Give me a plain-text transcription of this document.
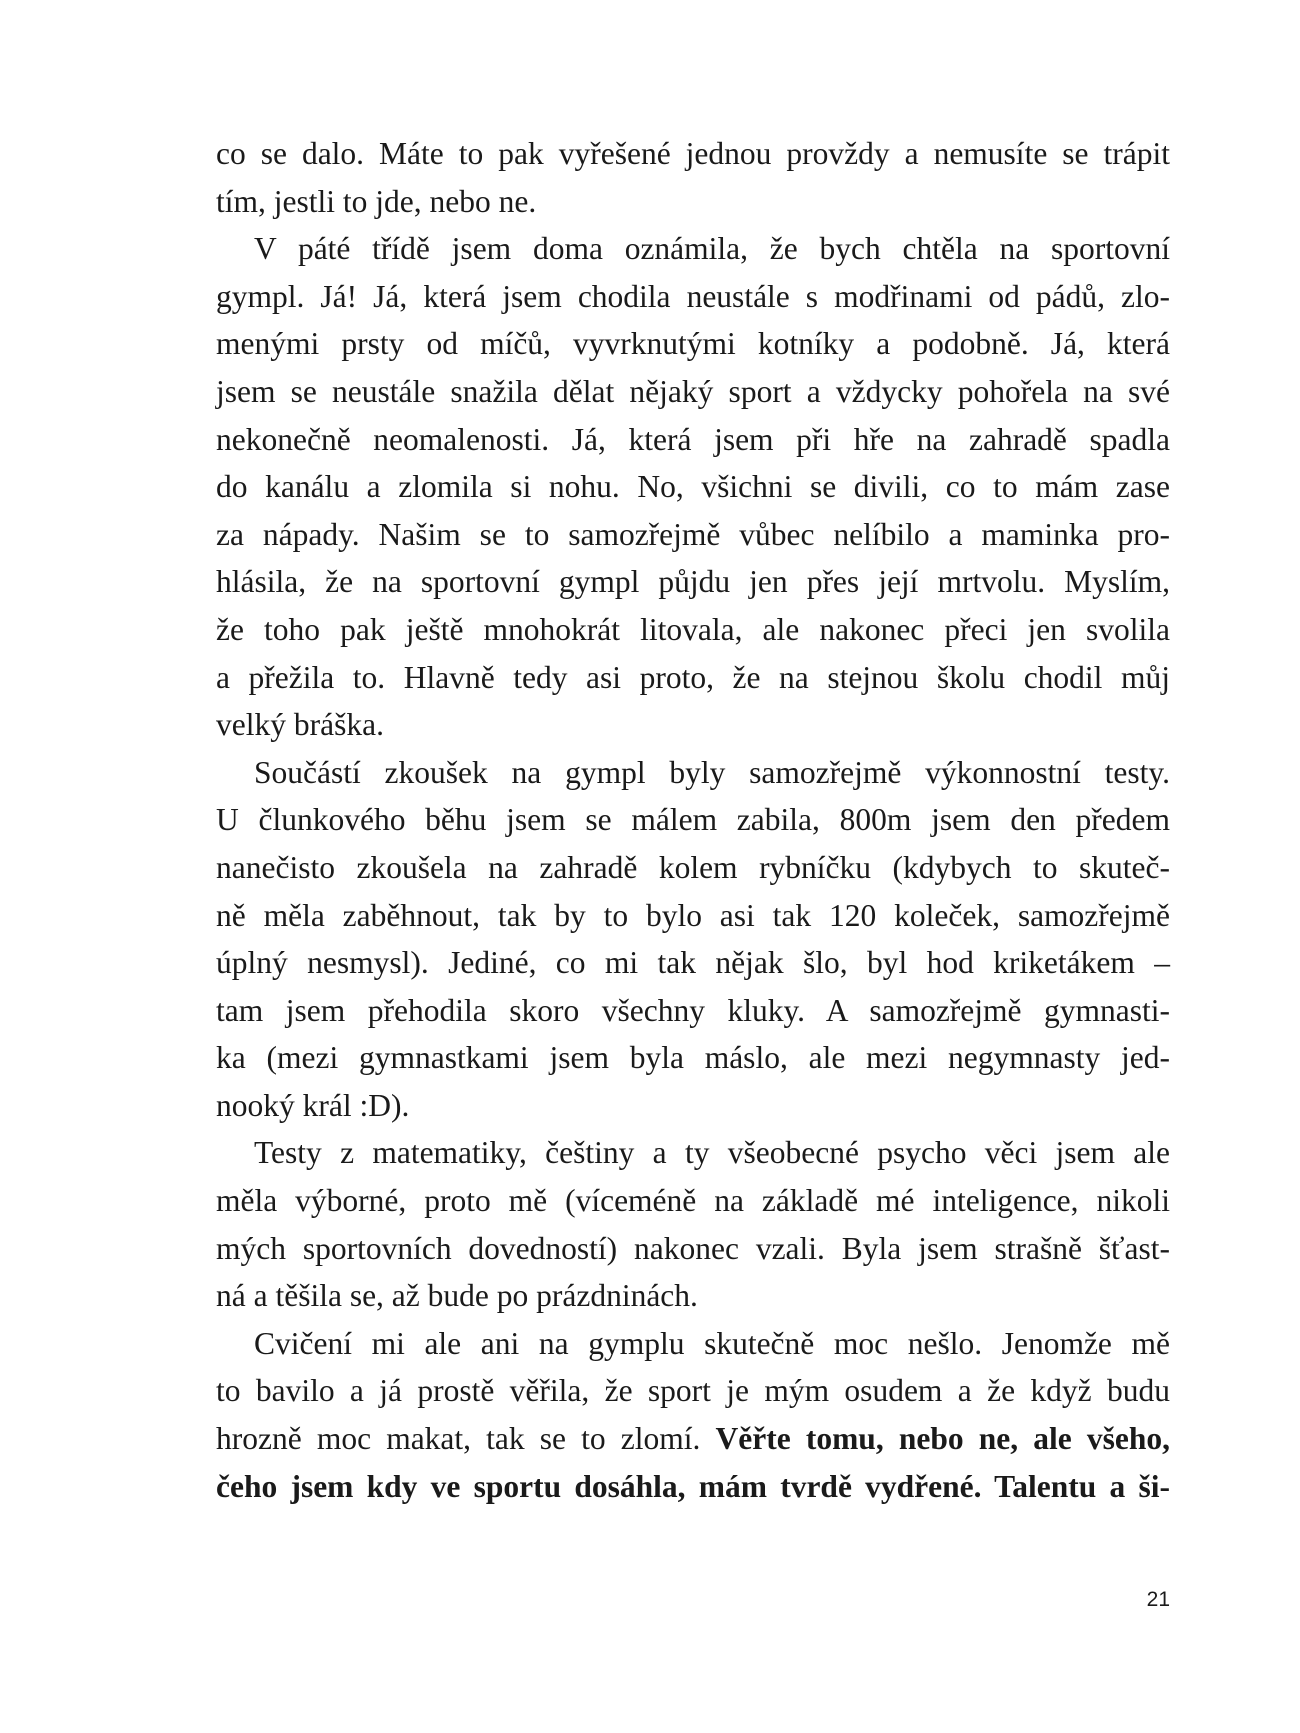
co se dalo. Máte to pak vyřešené jednou provždy a nemusíte se trápit
tím, jestli to jde, nebo ne.
V páté třídě jsem doma oznámila, že bych chtěla na sportovní
gympl. Já! Já, která jsem chodila neustále s modřinami od pádů, zlo-
menými prsty od míčů, vyvrknutými kotníky a podobně. Já, která
jsem se neustále snažila dělat nějaký sport a vždycky pohořela na své
nekonečně neomalenosti. Já, která jsem při hře na zahradě spadla
do kanálu a zlomila si nohu. No, všichni se divili, co to mám zase
za nápady. Našim se to samozřejmě vůbec nelíbilo a maminka pro-
hlásila, že na sportovní gympl půjdu jen přes její mrtvolu. Myslím,
že toho pak ještě mnohokrát litovala, ale nakonec přeci jen svolila
a přežila to. Hlavně tedy asi proto, že na stejnou školu chodil můj
velký bráška.
Součástí zkoušek na gympl byly samozřejmě výkonnostní testy.
U člunkového běhu jsem se málem zabila, 800m jsem den předem
nanečisto zkoušela na zahradě kolem rybníčku (kdybych to skuteč-
ně měla zaběhnout, tak by to bylo asi tak 120 koleček, samozřejmě
úplný nesmysl). Jediné, co mi tak nějak šlo, byl hod kriketákem –
tam jsem přehodila skoro všechny kluky. A samozřejmě gymnasti-
ka (mezi gymnastkami jsem byla máslo, ale mezi negymnasty jed-
nooký král :D).
Testy z matematiky, češtiny a ty všeobecné psycho věci jsem ale
měla výborné, proto mě (víceméně na základě mé inteligence, nikoli
mých sportovních dovedností) nakonec vzali. Byla jsem strašně šťast-
ná a těšila se, až bude po prázdninách.
Cvičení mi ale ani na gymplu skutečně moc nešlo. Jenomže mě
to bavilo a já prostě věřila, že sport je mým osudem a že když budu
hrozně moc makat, tak se to zlomí. Věřte tomu, nebo ne, ale všeho,
čeho jsem kdy ve sportu dosáhla, mám tvrdě vydřené. Talentu a ši-
21
